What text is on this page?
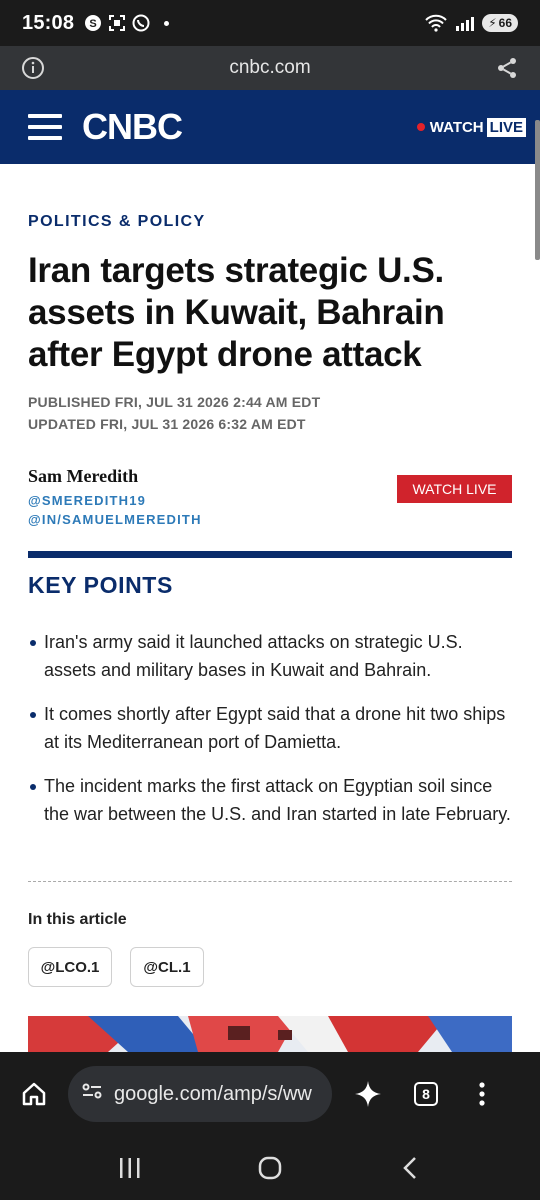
15:08 S	⚡ 66
cnbc.com
CNBC	WATCH LIVE
POLITICS & POLICY
Iran targets strategic U.S. assets in Kuwait, Bahrain after Egypt drone attack
PUBLISHED FRI, JUL 31 2026 2:44 AM EDT
UPDATED FRI, JUL 31 2026 6:32 AM EDT
Sam Meredith
@SMEREDITH19
@IN/SAMUELMEREDITH
WATCH LIVE
KEY POINTS
Iran's army said it launched attacks on strategic U.S. assets and military bases in Kuwait and Bahrain.
It comes shortly after Egypt said that a drone hit two ships at its Mediterranean port of Damietta.
The incident marks the first attack on Egyptian soil since the war between the U.S. and Iran started in late February.
In this article
@LCO.1	@CL.1
google.com/amp/s/ww	8
